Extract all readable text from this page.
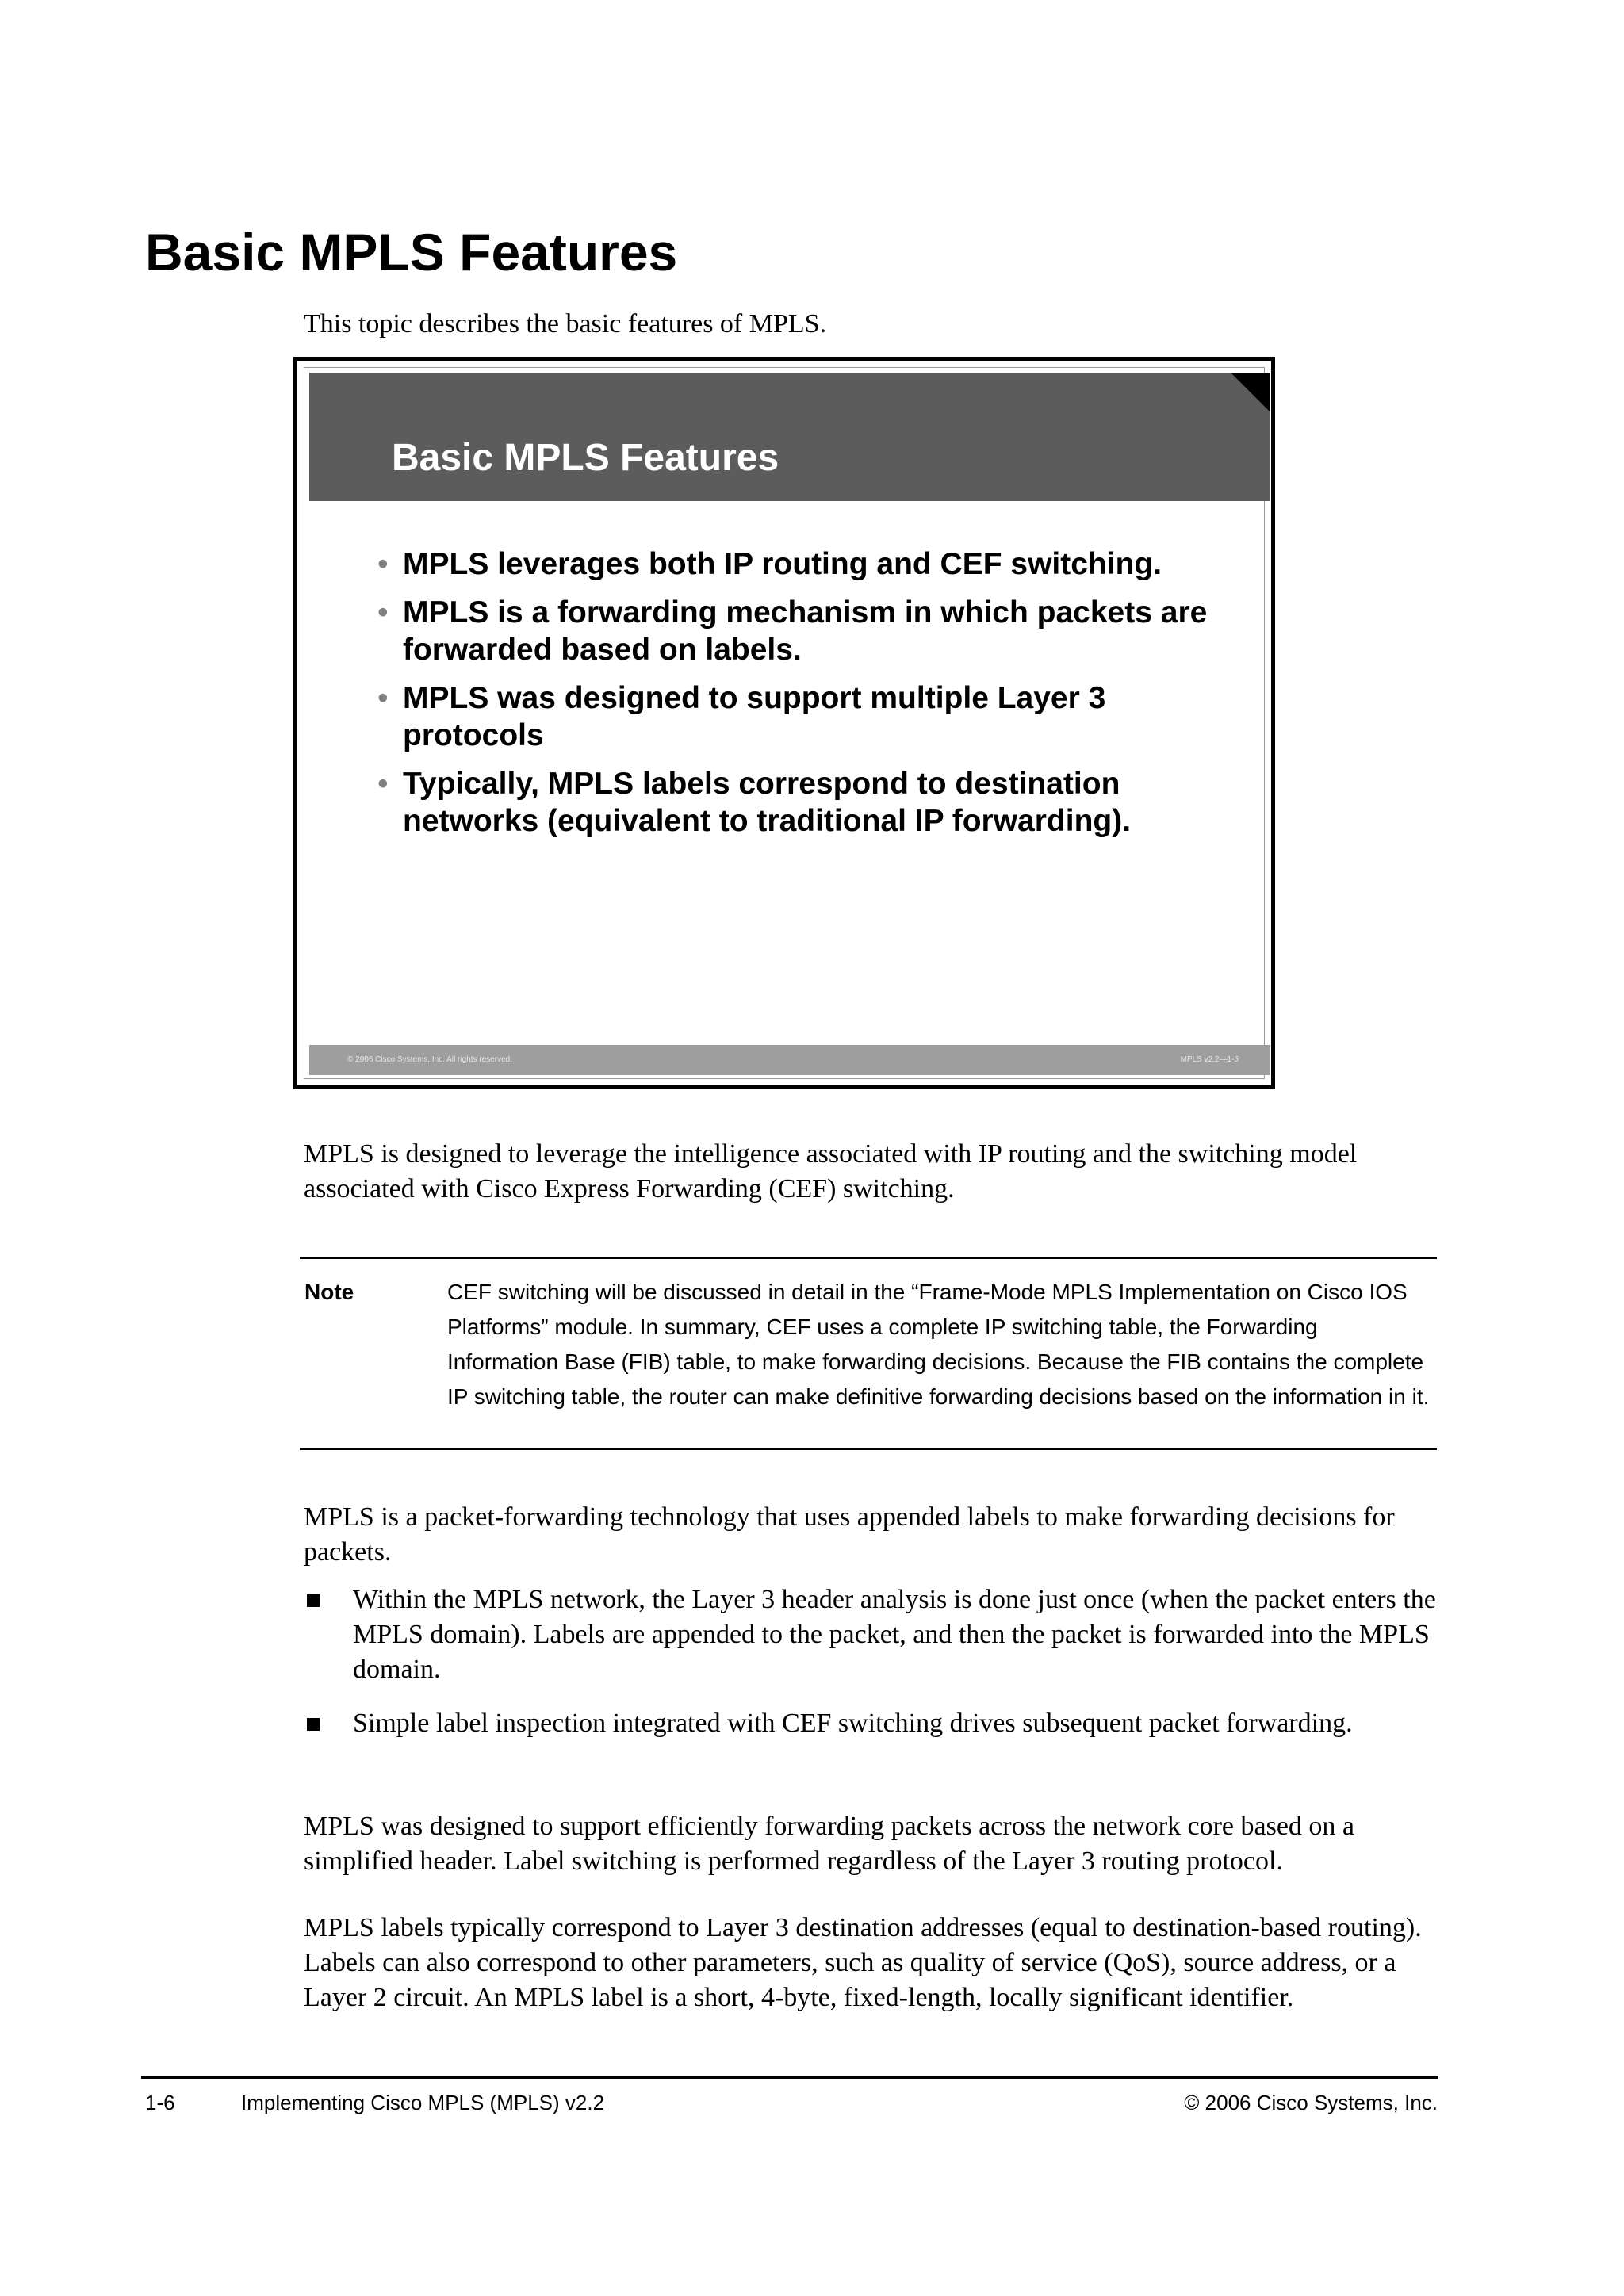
Basic MPLS Features

This topic describes the basic features of MPLS.

Basic MPLS Features
• MPLS leverages both IP routing and CEF switching.
• MPLS is a forwarding mechanism in which packets are forwarded based on labels.
• MPLS was designed to support multiple Layer 3 protocols
• Typically, MPLS labels correspond to destination networks (equivalent to traditional IP forwarding).
© 2006 Cisco Systems, Inc. All rights reserved.	MPLS v2.2—1-5

MPLS is designed to leverage the intelligence associated with IP routing and the switching model associated with Cisco Express Forwarding (CEF) switching.

Note	CEF switching will be discussed in detail in the “Frame-Mode MPLS Implementation on Cisco IOS Platforms” module. In summary, CEF uses a complete IP switching table, the Forwarding Information Base (FIB) table, to make forwarding decisions. Because the FIB contains the complete IP switching table, the router can make definitive forwarding decisions based on the information in it.

MPLS is a packet-forwarding technology that uses appended labels to make forwarding decisions for packets.

Within the MPLS network, the Layer 3 header analysis is done just once (when the packet enters the MPLS domain). Labels are appended to the packet, and then the packet is forwarded into the MPLS domain.
Simple label inspection integrated with CEF switching drives subsequent packet forwarding.

MPLS was designed to support efficiently forwarding packets across the network core based on a simplified header. Label switching is performed regardless of the Layer 3 routing protocol.

MPLS labels typically correspond to Layer 3 destination addresses (equal to destination-based routing). Labels can also correspond to other parameters, such as quality of service (QoS), source address, or a Layer 2 circuit. An MPLS label is a short, 4-byte, fixed-length, locally significant identifier.

1-6	Implementing Cisco MPLS (MPLS) v2.2	© 2006 Cisco Systems, Inc.
